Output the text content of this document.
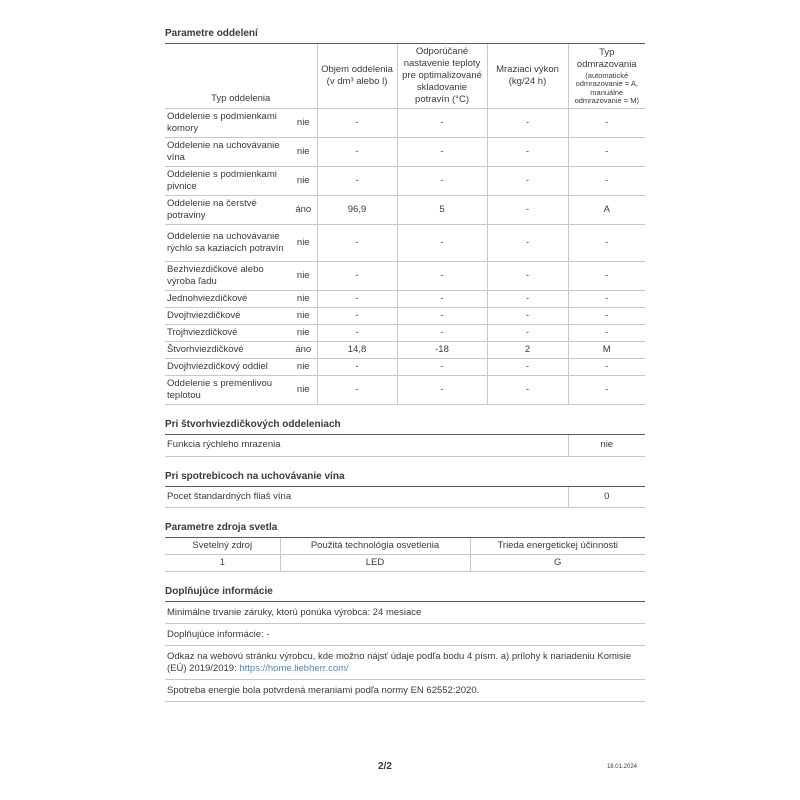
Parametre oddelení
Typ oddelenia		Objem oddelenia (v dm³ alebo l)	Odporúčané nastavenie teploty pre optimalizované skladovanie potravín (°C)	Mraziaci výkon (kg/24 h)	Typ odmrazovania
(automatické odmrazovanie = A, manuálne odmrazovanie = M)

Oddelenie s podmienkami komory	nie	-	-	-	-
Oddelenie na uchovávanie vína	nie	-	-	-	-
Oddelenie s podmienkami pivnice	nie	-	-	-	-
Oddelenie na čerstvé potraviny	áno	96,9	5	-	A
Oddelenie na uchovávanie rýchlo sa kaziacich potravín	nie	-	-	-	-
Bezhviezdičkové alebo výroba ľadu	nie	-	-	-	-
Jednohviezdičkové	nie	-	-	-	-
Dvojhviezdičkové	nie	-	-	-	-
Trojhviezdičkové	nie	-	-	-	-
Štvorhviezdičkové	áno	14,8	-18	2	M
Dvojhviezdičkový oddiel	nie	-	-	-	-
Oddelenie s premenlivou teplotou	nie	-	-	-	-
Pri štvorhviezdičkových oddeleniach
Funkcia rýchleho mrazenia	nie
Pri spotrebicoch na uchovávanie vína
Pocet štandardných fliaš vína	0
Parametre zdroja svetla
Svetelný zdroj	Použitá technológia osvetlenia	Trieda energetickej účinnosti
1	LED	G
Doplňujúce informácie
Minimálne trvanie záruky, ktorú ponúka výrobca: 24 mesiace
Doplňujúce informácie: -
Odkaz na webovú stránku výrobcu, kde možno nájsť údaje podľa bodu 4 písm. a) prílohy k nariadeniu Komisie (EÚ) 2019/2019: https://home.liebherr.com/
Spotreba energie bola potvrdená meraniami podľa normy EN 62552:2020.
2/2	18.01.2024
